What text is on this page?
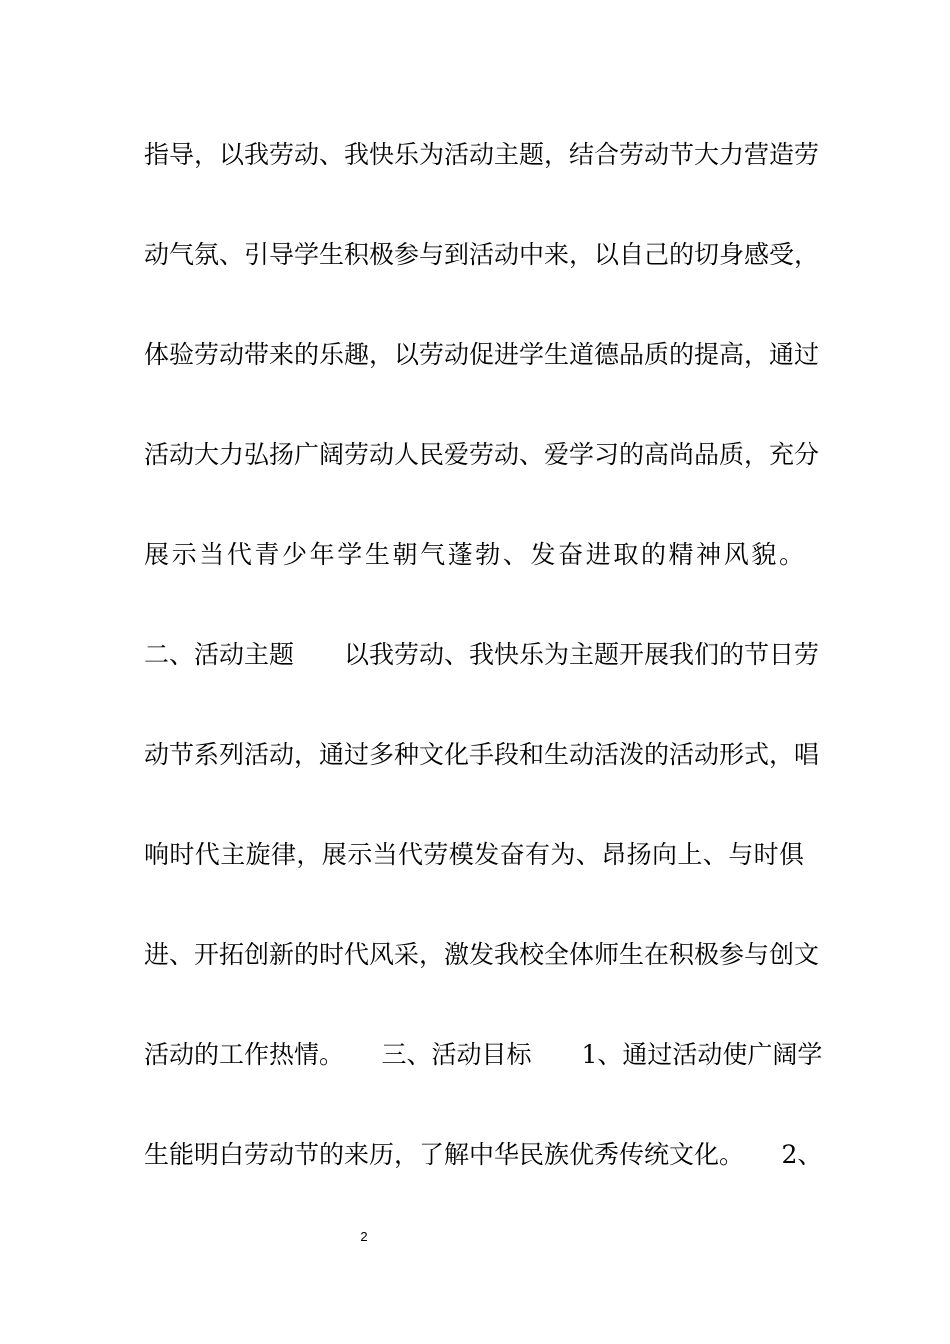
指导，以我劳动、我快乐为活动主题，结合劳动节大力营造劳
动气氛、引导学生积极参与到活动中来，以自己的切身感受，
体验劳动带来的乐趣，以劳动促进学生道德品质的提高，通过
活动大力弘扬广阔劳动人民爱劳动、爱学习的高尚品质，充分
展示当代青少年学生朝气蓬勃、发奋进取的精神风貌。
二、活动主题　　以我劳动、我快乐为主题开展我们的节日劳
动节系列活动，通过多种文化手段和生动活泼的活动形式，唱
响时代主旋律，展示当代劳模发奋有为、昂扬向上、与时俱
进、开拓创新的时代风采，激发我校全体师生在积极参与创文
活动的工作热情。　　三、活动目标　　1、通过活动使广阔学
生能明白劳动节的来历，了解中华民族优秀传统文化。　　2、
2
